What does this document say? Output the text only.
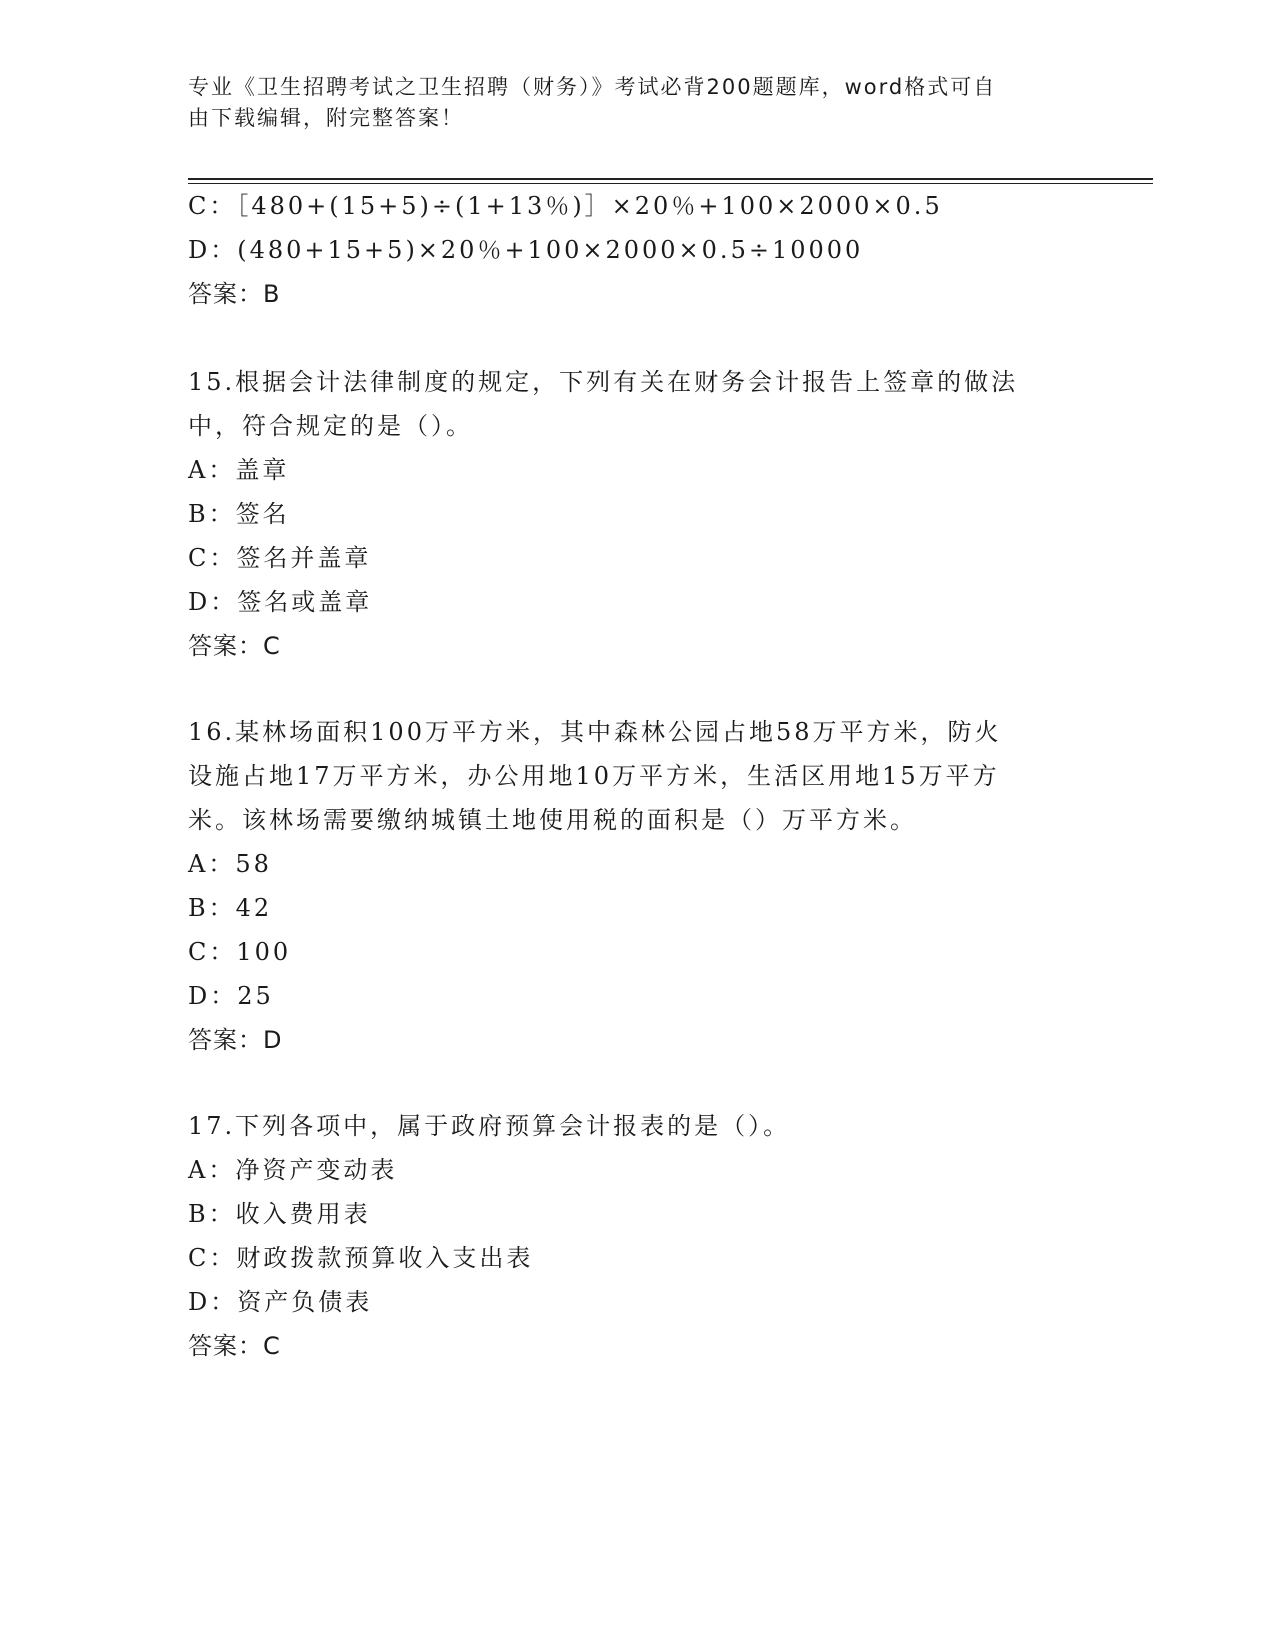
专业《卫生招聘考试之卫生招聘（财务）》考试必背200题题库，word格式可自
由下载编辑，附完整答案！
C：［480+(15+5)÷(1+13％)］×20％+100×2000×0.5
D：(480+15+5)×20％+100×2000×0.5÷10000
答案：B
15.根据会计法律制度的规定，下列有关在财务会计报告上签章的做法
中，符合规定的是（）。
A：盖章
B：签名
C：签名并盖章
D：签名或盖章
答案：C
16.某林场面积100万平方米，其中森林公园占地58万平方米，防火
设施占地17万平方米，办公用地10万平方米，生活区用地15万平方
米。该林场需要缴纳城镇土地使用税的面积是（）万平方米。
A：58
B：42
C：100
D：25
答案：D
17.下列各项中，属于政府预算会计报表的是（）。
A：净资产变动表
B：收入费用表
C：财政拨款预算收入支出表
D：资产负债表
答案：C
